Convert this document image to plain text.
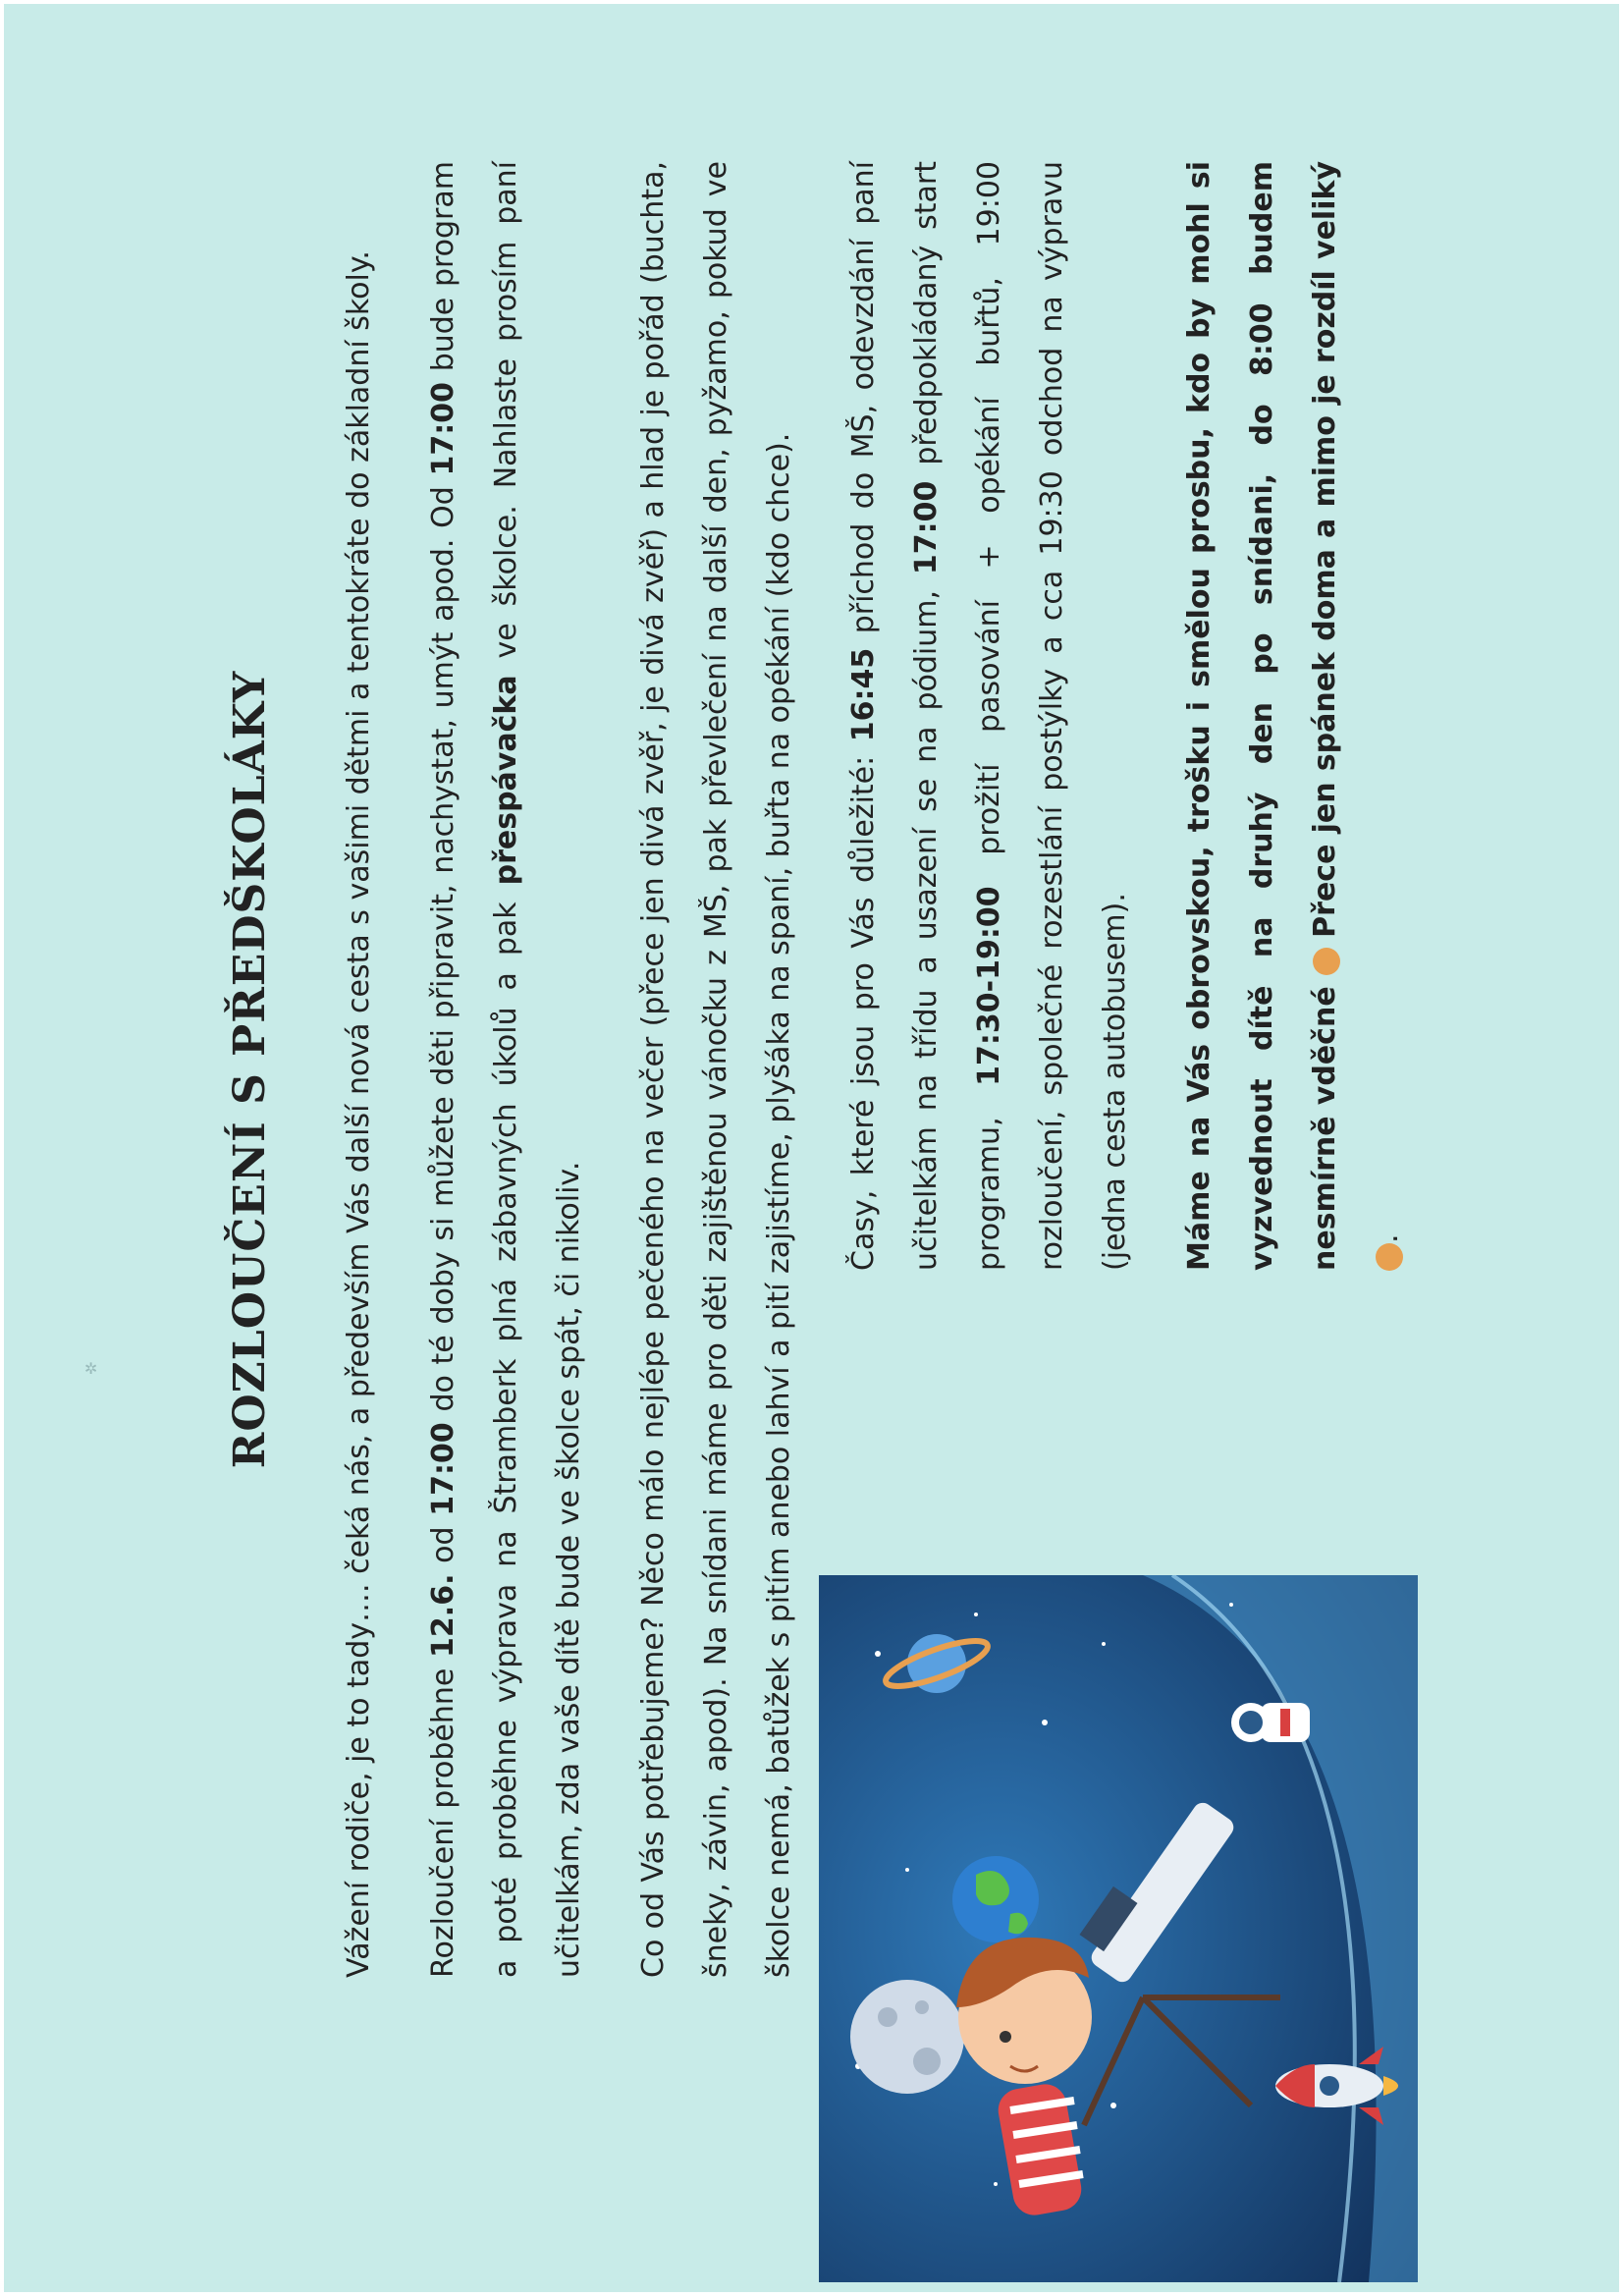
✲	ROZLOUČENÍ S PŘEDŠKOLÁKY	Vážení rodiče, je to tady…. čeká nás, a především Vás další nová cesta s vašimi dětmi a tentokráte do základní školy.	Rozloučení proběhne 12.6. od 17:00 do té doby si můžete děti připravit, nachystat, umýt apod. Od 17:00 bude program a poté proběhne výprava na Štramberk plná zábavných úkolů a pak přespávačka ve školce. Nahlaste prosím paní učitelkám, zda vaše dítě bude ve školce spát, či nikoliv.	Co od Vás potřebujeme? Něco málo nejlépe pečeného na večer (přece jen divá zvěř, je divá zvěř) a hlad je pořád (buchta, šneky, závin, apod). Na snídani máme pro děti zajištěnou vánočku z MŠ, pak převlečení na další den, pyžamo, pokud ve školce nemá, batůžek s pitím anebo lahví a pití zajistíme, plyšáka na spaní, buřta na opékání (kdo chce).	Časy, které jsou pro Vás důležité: 16:45 příchod do MŠ, odevzdání paní učitelkám na třídu a usazení se na pódium, 17:00 předpokládaný start programu, 17:30-19:00 prožití pasování + opékání buřtů, 19:00 rozloučení, společné rozestlání postýlky a cca 19:30 odchod na výpravu (jedna cesta autobusem).	Máme na Vás obrovskou, trošku i smělou prosbu, kdo by mohl si vyzvednout dítě na druhý den po snídani, do 8:00 budem nesmírně vděčné  Přece jen spánek doma a mimo je rozdíl veliký .
